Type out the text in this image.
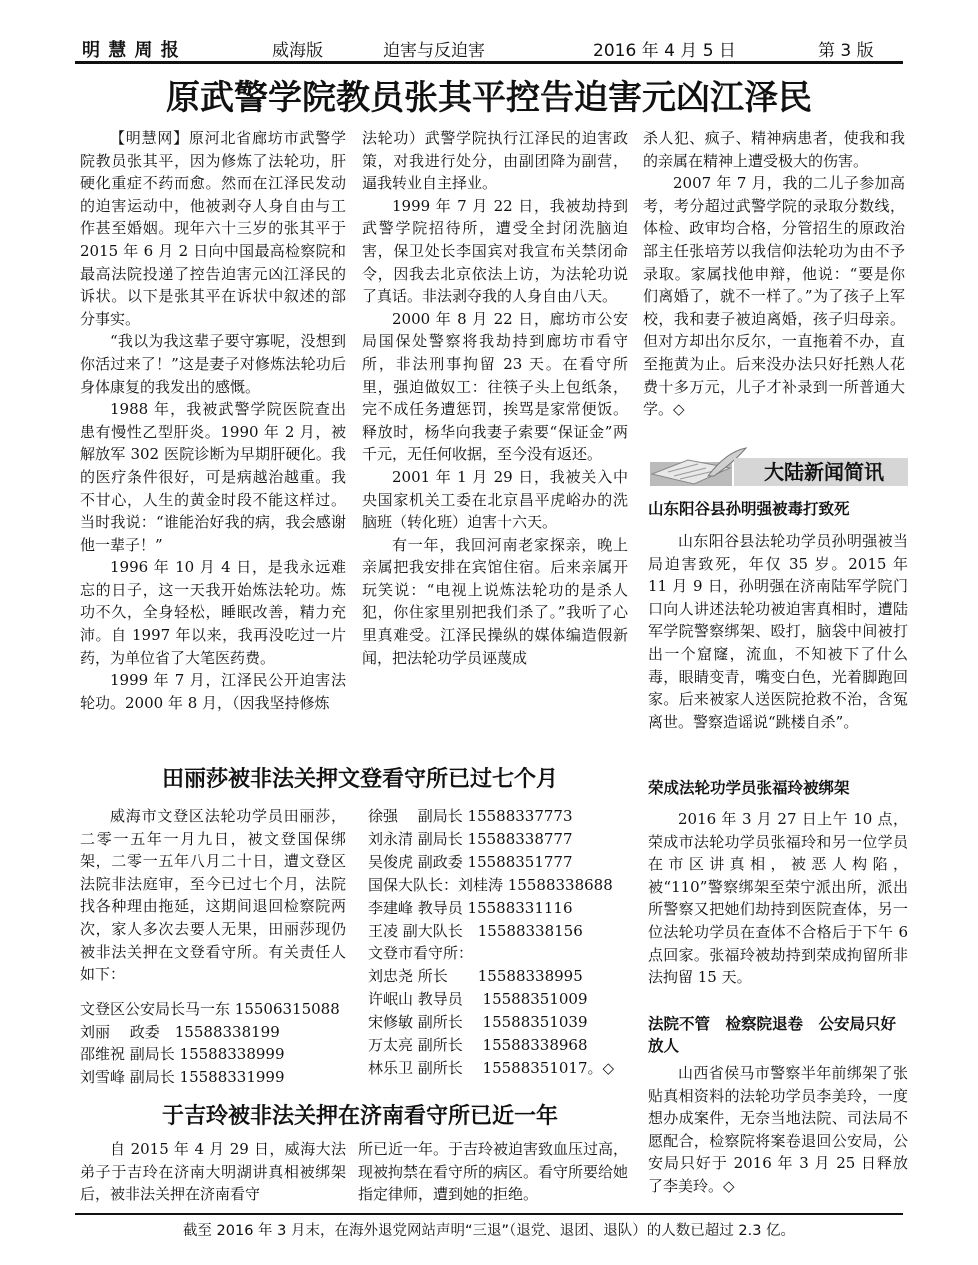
明 慧 周 报	威海版	迫害与反迫害	2016 年 4 月 5 日	第 3 版
原武警学院教员张其平控告迫害元凶江泽民

【明慧网】原河北省廊坊市武警学院教员张其平，因为修炼了法轮功，肝硬化重症不药而愈。然而在江泽民发动的迫害运动中，他被剥夺人身自由与工作甚至婚姻。现年六十三岁的张其平于 2015 年 6 月 2 日向中国最高检察院和最高法院投递了控告迫害元凶江泽民的诉状。以下是张其平在诉状中叙述的部分事实。

“我以为我这辈子要守寡呢，没想到你活过来了！”这是妻子对修炼法轮功后身体康复的我发出的感慨。

1988 年，我被武警学院医院查出患有慢性乙型肝炎。1990 年 2 月，被解放军 302 医院诊断为早期肝硬化。我的医疗条件很好，可是病越治越重。我不甘心，人生的黄金时段不能这样过。当时我说：“谁能治好我的病，我会感谢他一辈子！”

1996 年 10 月 4 日，是我永远难忘的日子，这一天我开始炼法轮功。炼功不久，全身轻松，睡眠改善，精力充沛。自 1997 年以来，我再没吃过一片药，为单位省了大笔医药费。

1999 年 7 月，江泽民公开迫害法轮功。2000 年 8 月，（因我坚持修炼

法轮功）武警学院执行江泽民的迫害政策，对我进行处分，由副团降为副营，逼我转业自主择业。

1999 年 7 月 22 日，我被劫持到武警学院招待所，遭受全封闭洗脑迫害，保卫处长李国宾对我宣布关禁闭命令，因我去北京依法上访，为法轮功说了真话。非法剥夺我的人身自由八天。

2000 年 8 月 22 日，廊坊市公安局国保处警察将我劫持到廊坊市看守所，非法刑事拘留 23 天。在看守所里，强迫做奴工：往筷子头上包纸条，完不成任务遭惩罚，挨骂是家常便饭。释放时，杨华向我妻子索要“保证金”两千元，无任何收据，至今没有返还。

2001 年 1 月 29 日，我被关入中央国家机关工委在北京昌平虎峪办的洗脑班（转化班）迫害十六天。

有一年，我回河南老家探亲，晚上亲属把我安排在宾馆住宿。后来亲属开玩笑说：“电视上说炼法轮功的是杀人犯，你住家里别把我们杀了。”我听了心里真难受。江泽民操纵的媒体编造假新闻，把法轮功学员诬蔑成

杀人犯、疯子、精神病患者，使我和我的亲属在精神上遭受极大的伤害。

2007 年 7 月，我的二儿子参加高考，考分超过武警学院的录取分数线，体检、政审均合格，分管招生的原政治部主任张培芳以我信仰法轮功为由不予录取。家属找他申辩，他说：“要是你们离婚了，就不一样了。”为了孩子上军校，我和妻子被迫离婚，孩子归母亲。但对方却出尔反尔，一直拖着不办，直至拖黄为止。后来没办法只好托熟人花费十多万元，儿子才补录到一所普通大学。◇

大陆新闻简讯
山东阳谷县孙明强被毒打致死

山东阳谷县法轮功学员孙明强被当局迫害致死，年仅 35 岁。2015 年 11 月 9 日，孙明强在济南陆军学院门口向人讲述法轮功被迫害真相时，遭陆军学院警察绑架、殴打，脑袋中间被打出一个窟窿，流血，不知被下了什么毒，眼睛变青，嘴变白色，光着脚跑回家。后来被家人送医院抢救不治，含冤离世。警察造谣说“跳楼自杀”。

荣成法轮功学员张福玲被绑架

2016 年 3 月 27 日上午 10 点，荣成市法轮功学员张福玲和另一位学员在市区讲真相，被恶人构陷，被“110”警察绑架至荣宁派出所，派出所警察又把她们劫持到医院查体，另一位法轮功学员在查体不合格后于下午 6 点回家。张福玲被劫持到荣成拘留所非法拘留 15 天。

法院不管　检察院退卷　公安局只好放人

山西省侯马市警察半年前绑架了张贴真相资料的法轮功学员李美玲，一度想办成案件，无奈当地法院、司法局不愿配合，检察院将案卷退回公安局，公安局只好于 2016 年 3 月 25 日释放了李美玲。◇

田丽莎被非法关押文登看守所已过七个月

威海市文登区法轮功学员田丽莎，二零一五年一月九日，被文登国保绑架，二零一五年八月二十日，遭文登区法院非法庭审，至今已过七个月，法院找各种理由拖延，这期间退回检察院两次，家人多次去要人无果，田丽莎现仍被非法关押在文登看守所。有关责任人如下：

文登区公安局长马一东 15506315088
刘丽　 政委　15588338199
邵维祝 副局长 15588338999
刘雪峰 副局长 15588331999
徐强　 副局长 15588337773
刘永清 副局长 15588338777
吴俊虎 副政委 15588351777
国保大队长：刘桂涛 15588338688
李建峰 教导员 15588331116
王凌 副大队长　15588338156
文登市看守所：
刘忠尧 所长　　15588338995
许岷山 教导员　 15588351009
宋修敏 副所长　 15588351039
万太亮 副所长　 15588338968
林乐卫 副所长　 15588351017。◇
于吉玲被非法关押在济南看守所已近一年

自 2015 年 4 月 29 日，威海大法弟子于吉玲在济南大明湖讲真相被绑架后，被非法关押在济南看守

所已近一年。于吉玲被迫害致血压过高，现被拘禁在看守所的病区。看守所要给她指定律师，遭到她的拒绝。

截至 2016 年 3 月末，在海外退党网站声明“三退”（退党、退团、退队）的人数已超过 2.3 亿。
